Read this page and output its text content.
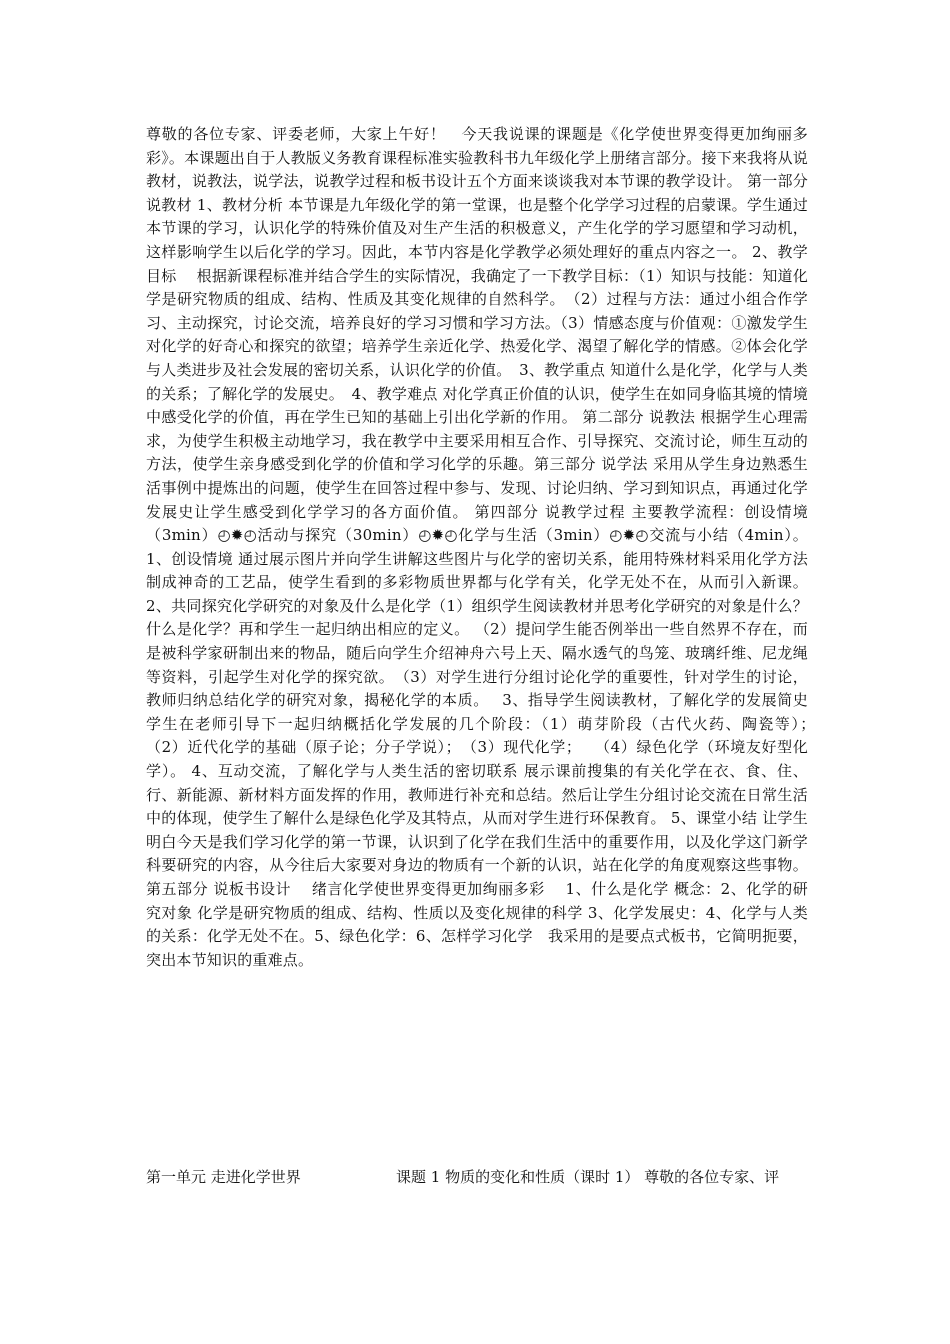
尊敬的各位专家、评委老师，大家上午好！　今天我说课的课题是《化学使世界变得更加绚丽多彩》。本课题出自于人教版义务教育课程标准实验教科书九年级化学上册绪言部分。接下来我将从说教材，说教法，说学法，说教学过程和板书设计五个方面来谈谈我对本节课的教学设计。 第一部分 说教材 1、教材分析 本节课是九年级化学的第一堂课，也是整个化学学习过程的启蒙课。学生通过本节课的学习，认识化学的特殊价值及对生产生活的积极意义，产生化学的学习愿望和学习动机，这样影响学生以后化学的学习。因此，本节内容是化学教学必须处理好的重点内容之一。 2、教学目标　 根据新课程标准并结合学生的实际情况，我确定了一下教学目标：（1）知识与技能：知道化学是研究物质的组成、结构、性质及其变化规律的自然科学。　（2）过程与方法：通过小组合作学习、主动探究，讨论交流，培养良好的学习习惯和学习方法。（3）情感态度与价值观：①激发学生对化学的好奇心和探究的欲望；培养学生亲近化学、热爱化学、渴望了解化学的情感。②体会化学与人类进步及社会发展的密切关系，认识化学的价值。　3、教学重点 知道什么是化学，化学与人类的关系；了解化学的发展史。　4、教学难点 对化学真正价值的认识，使学生在如同身临其境的情境中感受化学的价值，再在学生已知的基础上引出化学新的作用。 第二部分 说教法 根据学生心理需求，为使学生积极主动地学习，我在教学中主要采用相互合作、引导探究、交流讨论，师生互动的方法，使学生亲身感受到化学的价值和学习化学的乐趣。第三部分 说学法 采用从学生身边熟悉生活事例中提炼出的问题，使学生在回答过程中参与、发现、讨论归纳、学习到知识点，再通过化学发展史让学生感受到化学学习的各方面价值。 第四部分 说教学过程 主要教学流程：创设情境（3min）◴✹◴活动与探究（30min）◴✹◴化学与生活（3min）◴✹◴交流与小结（4min）。1、创设情境 通过展示图片并向学生讲解这些图片与化学的密切关系，能用特殊材料采用化学方法制成神奇的工艺品，使学生看到的多彩物质世界都与化学有关，化学无处不在，从而引入新课。 2、共同探究化学研究的对象及什么是化学（1）组织学生阅读教材并思考化学研究的对象是什么？什么是化学？再和学生一起归纳出相应的定义。 （2）提问学生能否例举出一些自然界不存在，而是被科学家研制出来的物品，随后向学生介绍神舟六号上天、隔水透气的鸟笼、玻璃纤维、尼龙绳等资料，引起学生对化学的探究欲。　（3）对学生进行分组讨论化学的重要性，针对学生的讨论，教师归纳总结化学的研究对象，揭秘化学的本质。　 3、指导学生阅读教材，了解化学的发展简史 学生在老师引导下一起归纳概括化学发展的几个阶段：（1）萌芽阶段（古代火药、陶瓷等）；　 （2）近代化学的基础（原子论；分子学说）；　（3）现代化学；　 （4）绿色化学（环境友好型化学）。 4、互动交流，了解化学与人类生活的密切联系 展示课前搜集的有关化学在衣、食、住、行、新能源、新材料方面发挥的作用，教师进行补充和总结。然后让学生分组讨论交流在日常生活中的体现，使学生了解什么是绿色化学及其特点，从而对学生进行环保教育。 5、课堂小结 让学生明白今天是我们学习化学的第一节课，认识到了化学在我们生活中的重要作用，以及化学这门新学科要研究的内容，从今往后大家要对身边的物质有一个新的认识，站在化学的角度观察这些事物。第五部分 说板书设计　 绪言化学使世界变得更加绚丽多彩　 1、什么是化学 概念：2、化学的研究对象 化学是研究物质的组成、结构、性质以及变化规律的科学 3、化学发展史：4、化学与人类的关系：化学无处不在。5、绿色化学：6、怎样学习化学　我采用的是要点式板书，它简明扼要，突出本节知识的重难点。

第一单元 走进化学世界	课题 1 物质的变化和性质（课时 1） 尊敬的各位专家、评
